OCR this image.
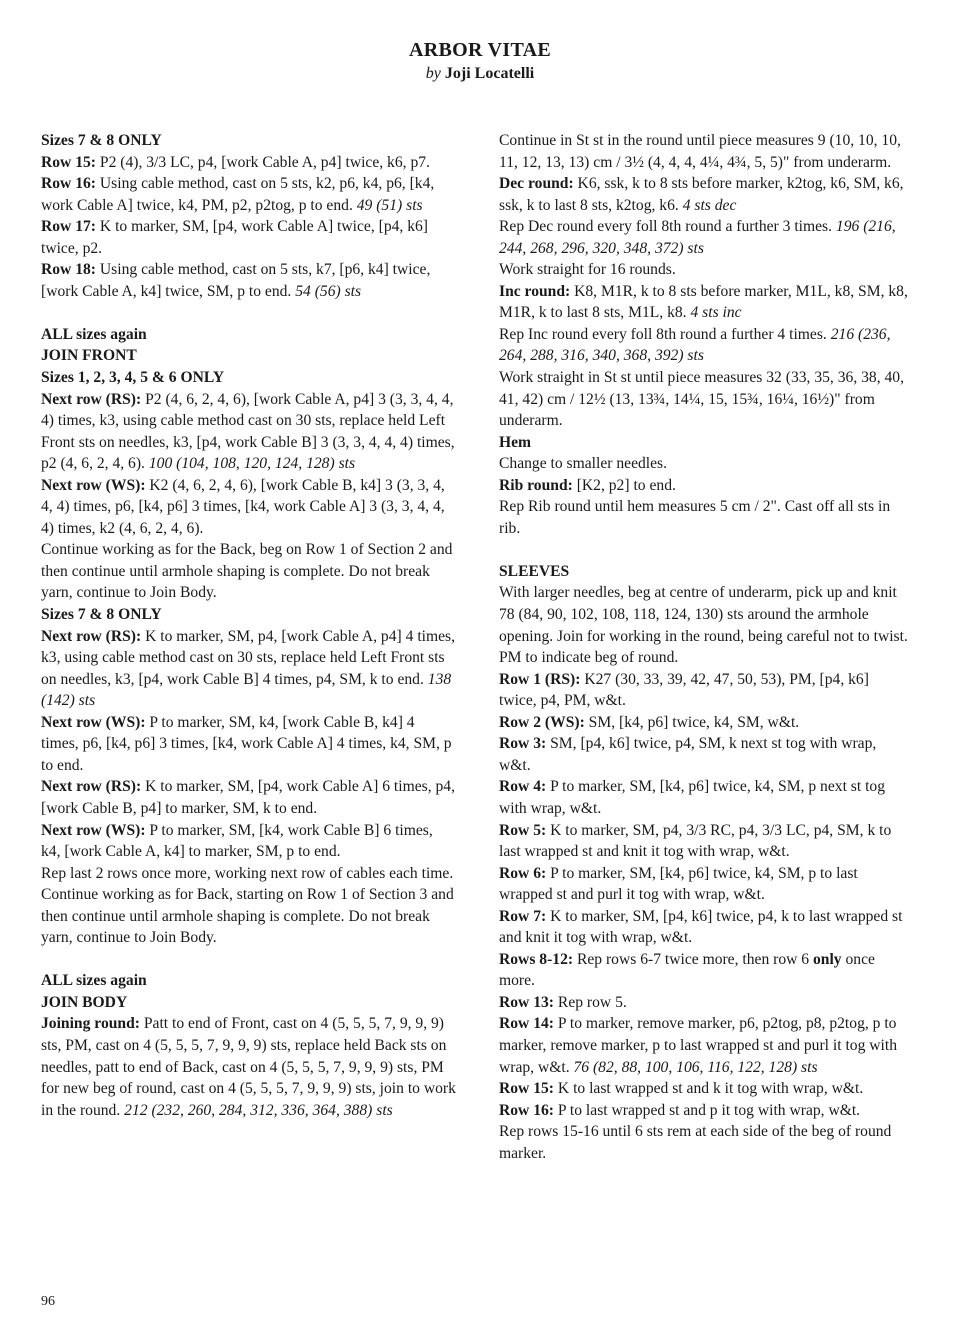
ARBOR VITAE
by Joji Locatelli

Sizes 7 & 8 ONLY

Row 15: P2 (4), 3/3 LC, p4, [work Cable A, p4] twice, k6, p7.

Row 16: Using cable method, cast on 5 sts, k2, p6, k4, p6, [k4, work Cable A] twice, k4, PM, p2, p2tog, p to end. 49 (51) sts

Row 17: K to marker, SM, [p4, work Cable A] twice, [p4, k6] twice, p2.

Row 18: Using cable method, cast on 5 sts, k7, [p6, k4] twice, [work Cable A, k4] twice, SM, p to end. 54 (56) sts

ALL sizes again

JOIN FRONT

Sizes 1, 2, 3, 4, 5 & 6 ONLY

Next row (RS): P2 (4, 6, 2, 4, 6), [work Cable A, p4] 3 (3, 3, 4, 4, 4) times, k3, using cable method cast on 30 sts, replace held Left Front sts on needles, k3, [p4, work Cable B] 3 (3, 3, 4, 4, 4) times, p2 (4, 6, 2, 4, 6). 100 (104, 108, 120, 124, 128) sts

Next row (WS): K2 (4, 6, 2, 4, 6), [work Cable B, k4] 3 (3, 3, 4, 4, 4) times, p6, [k4, p6] 3 times, [k4, work Cable A] 3 (3, 3, 4, 4, 4) times, k2 (4, 6, 2, 4, 6).

Continue working as for the Back, beg on Row 1 of Section 2 and then continue until armhole shaping is complete. Do not break yarn, continue to Join Body.

Sizes 7 & 8 ONLY

Next row (RS): K to marker, SM, p4, [work Cable A, p4] 4 times, k3, using cable method cast on 30 sts, replace held Left Front sts on needles, k3, [p4, work Cable B] 4 times, p4, SM, k to end. 138 (142) sts

Next row (WS): P to marker, SM, k4, [work Cable B, k4] 4 times, p6, [k4, p6] 3 times, [k4, work Cable A] 4 times, k4, SM, p to end.

Next row (RS): K to marker, SM, [p4, work Cable A] 6 times, p4, [work Cable B, p4] to marker, SM, k to end.

Next row (WS): P to marker, SM, [k4, work Cable B] 6 times, k4, [work Cable A, k4] to marker, SM, p to end.

Rep last 2 rows once more, working next row of cables each time.

Continue working as for Back, starting on Row 1 of Section 3 and then continue until armhole shaping is complete. Do not break yarn, continue to Join Body.

ALL sizes again

JOIN BODY

Joining round: Patt to end of Front, cast on 4 (5, 5, 5, 7, 9, 9, 9) sts, PM, cast on 4 (5, 5, 5, 7, 9, 9, 9) sts, replace held Back sts on needles, patt to end of Back, cast on 4 (5, 5, 5, 7, 9, 9, 9) sts, PM for new beg of round, cast on 4 (5, 5, 5, 7, 9, 9, 9) sts, join to work in the round. 212 (232, 260, 284, 312, 336, 364, 388) sts

Continue in St st in the round until piece measures 9 (10, 10, 10, 11, 12, 13, 13) cm / 3½ (4, 4, 4, 4¼, 4¾, 5, 5)" from underarm.

Dec round: K6, ssk, k to 8 sts before marker, k2tog, k6, SM, k6, ssk, k to last 8 sts, k2tog, k6. 4 sts dec

Rep Dec round every foll 8th round a further 3 times. 196 (216, 244, 268, 296, 320, 348, 372) sts

Work straight for 16 rounds.

Inc round: K8, M1R, k to 8 sts before marker, M1L, k8, SM, k8, M1R, k to last 8 sts, M1L, k8. 4 sts inc

Rep Inc round every foll 8th round a further 4 times. 216 (236, 264, 288, 316, 340, 368, 392) sts

Work straight in St st until piece measures 32 (33, 35, 36, 38, 40, 41, 42) cm / 12½ (13, 13¾, 14¼, 15, 15¾, 16¼, 16½)" from underarm.

Hem

Change to smaller needles.

Rib round: [K2, p2] to end.

Rep Rib round until hem measures 5 cm / 2". Cast off all sts in rib.

SLEEVES

With larger needles, beg at centre of underarm, pick up and knit 78 (84, 90, 102, 108, 118, 124, 130) sts around the armhole opening. Join for working in the round, being careful not to twist. PM to indicate beg of round.

Row 1 (RS): K27 (30, 33, 39, 42, 47, 50, 53), PM, [p4, k6] twice, p4, PM, w&t.

Row 2 (WS): SM, [k4, p6] twice, k4, SM, w&t.

Row 3: SM, [p4, k6] twice, p4, SM, k next st tog with wrap, w&t.

Row 4: P to marker, SM, [k4, p6] twice, k4, SM, p next st tog with wrap, w&t.

Row 5: K to marker, SM, p4, 3/3 RC, p4, 3/3 LC, p4, SM, k to last wrapped st and knit it tog with wrap, w&t.

Row 6: P to marker, SM, [k4, p6] twice, k4, SM, p to last wrapped st and purl it tog with wrap, w&t.

Row 7: K to marker, SM, [p4, k6] twice, p4, k to last wrapped st and knit it tog with wrap, w&t.

Rows 8-12: Rep rows 6-7 twice more, then row 6 only once more.

Row 13: Rep row 5.

Row 14: P to marker, remove marker, p6, p2tog, p8, p2tog, p to marker, remove marker, p to last wrapped st and purl it tog with wrap, w&t. 76 (82, 88, 100, 106, 116, 122, 128) sts

Row 15: K to last wrapped st and k it tog with wrap, w&t.

Row 16: P to last wrapped st and p it tog with wrap, w&t.

Rep rows 15-16 until 6 sts rem at each side of the beg of round marker.

96
